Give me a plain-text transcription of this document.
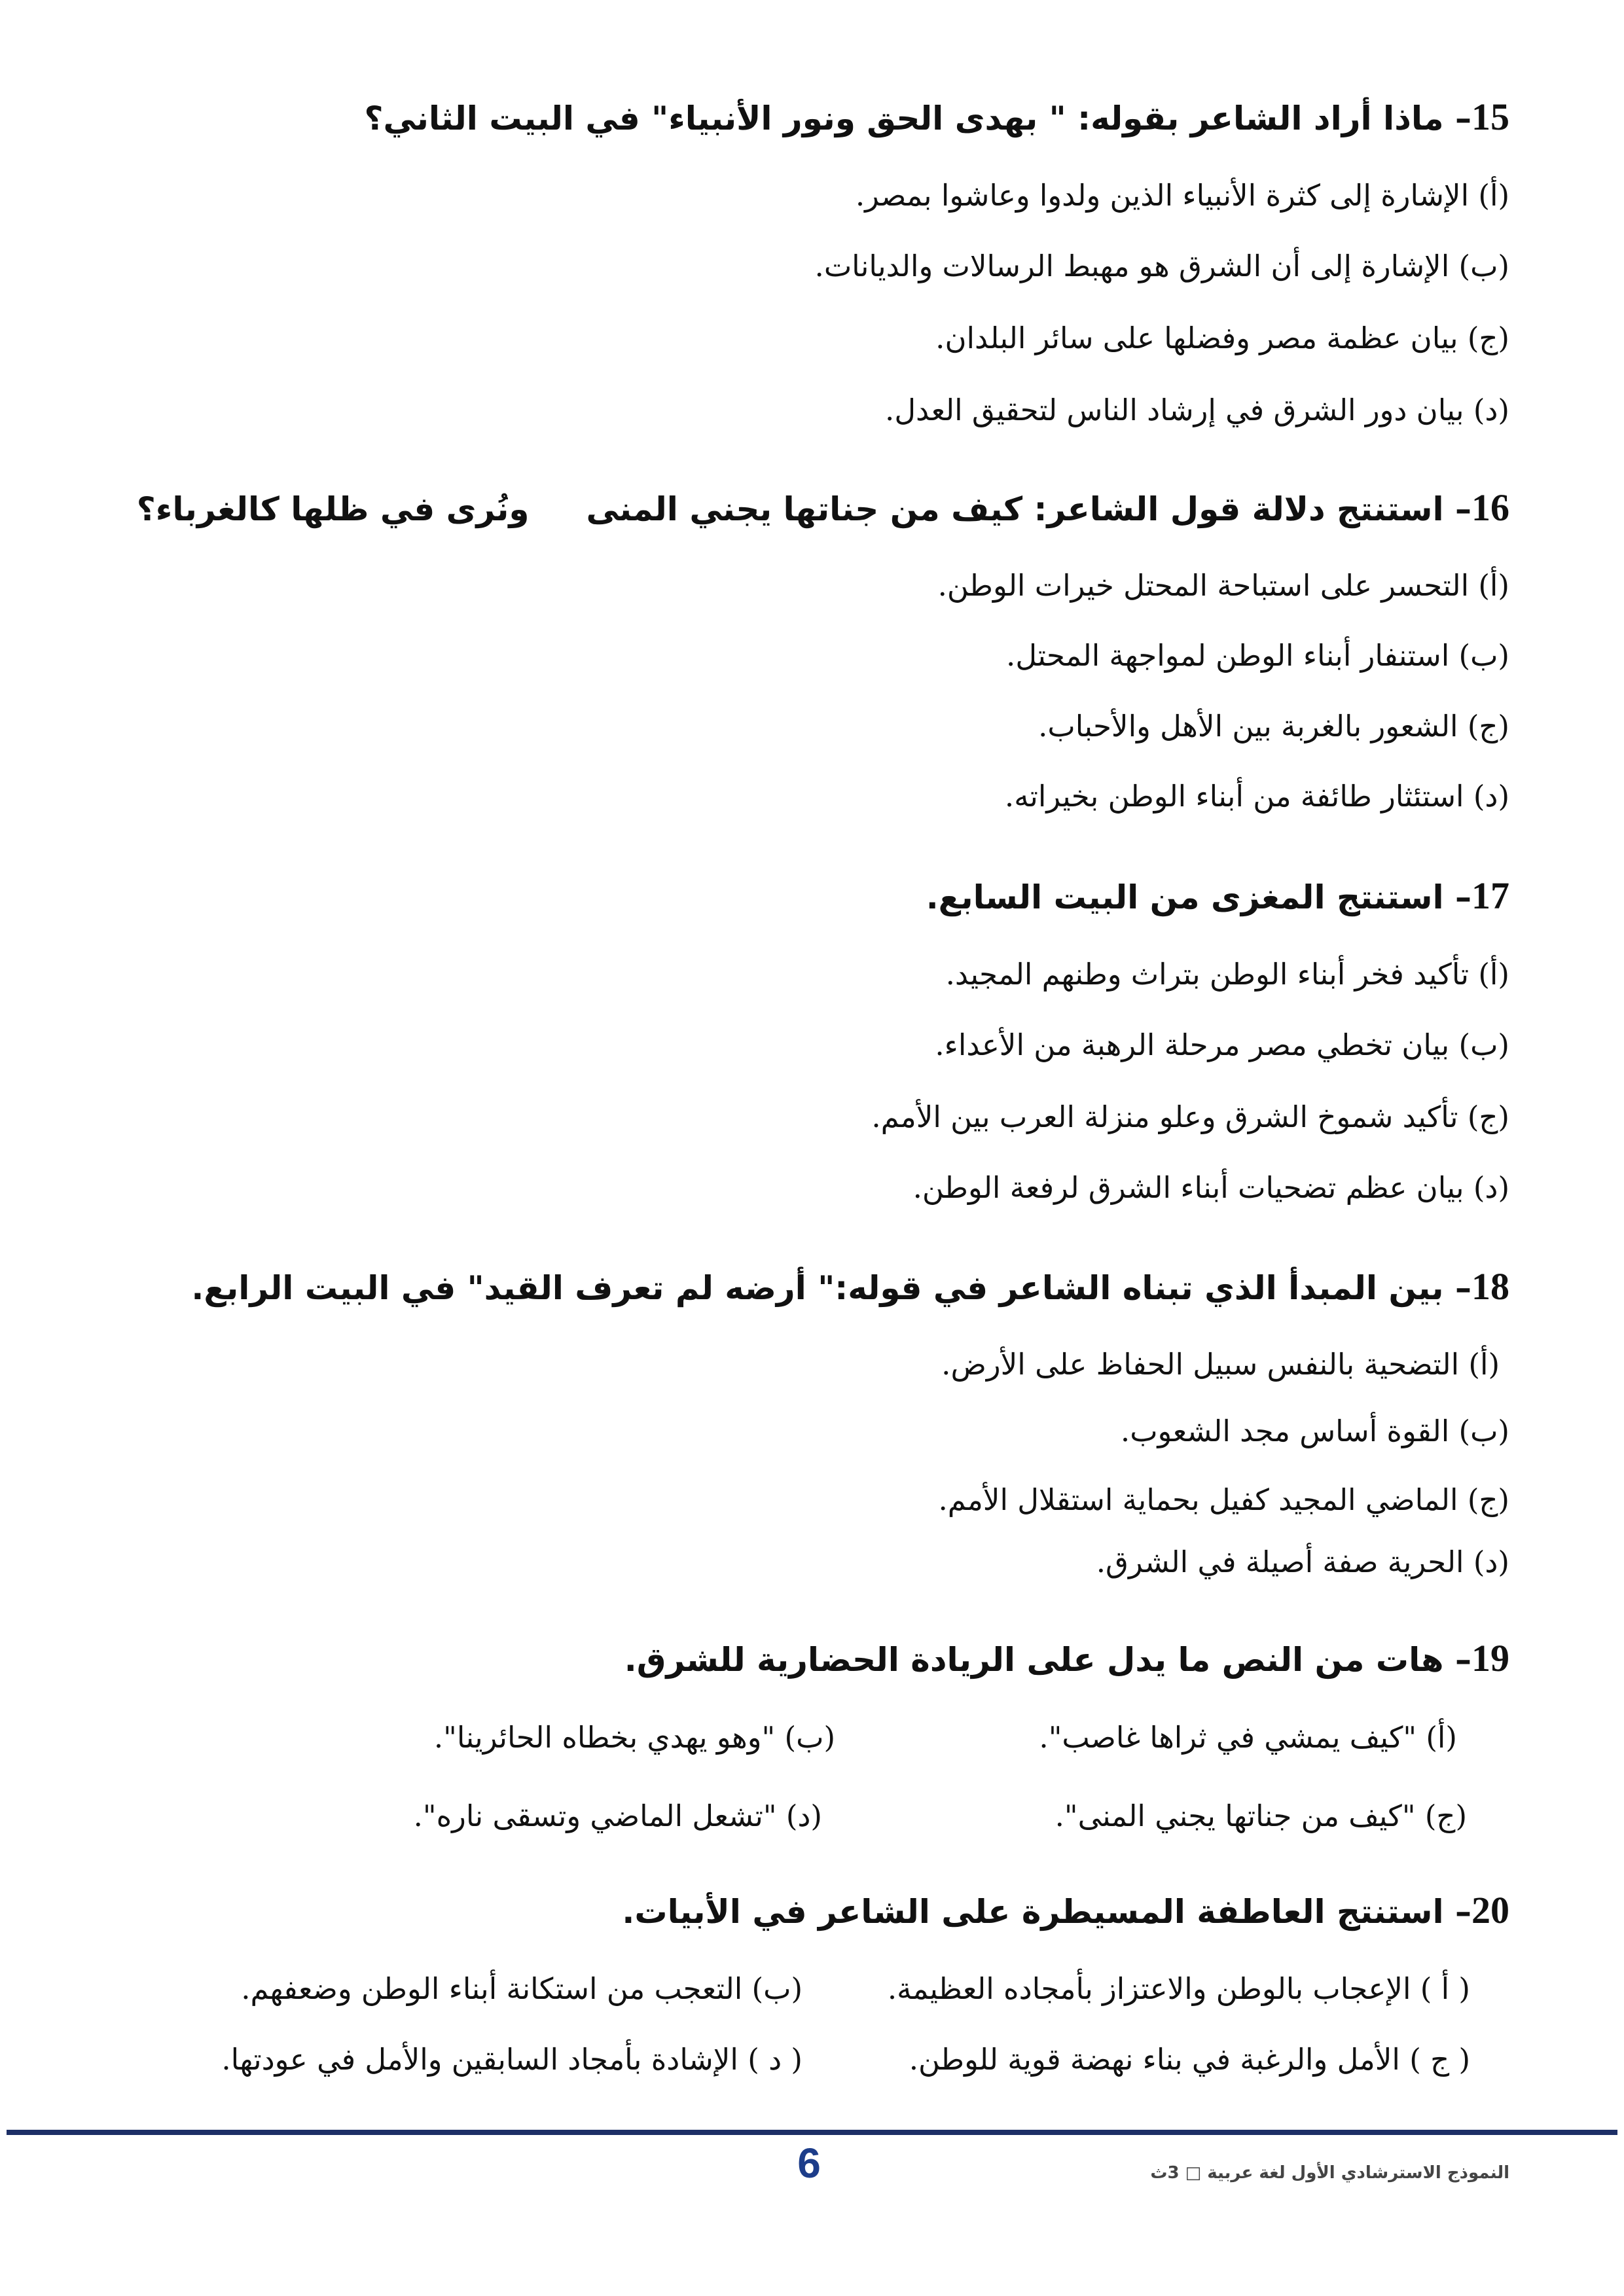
15– ماذا أراد الشاعر بقوله: " بهدى الحق ونور الأنبياء" في البيت الثاني؟
(أ) الإشارة إلى كثرة الأنبياء الذين ولدوا وعاشوا بمصر.
(ب) الإشارة إلى أن الشرق هو مهبط الرسالات والديانات.
(ج) بيان عظمة مصر وفضلها على سائر البلدان.
(د) بيان دور الشرق في إرشاد الناس لتحقيق العدل.
16– استنتج دلالة قول الشاعر: كيف من جناتها يجني المنى     ونُرى في ظلها كالغرباء؟
(أ) التحسر على استباحة المحتل خيرات الوطن.
(ب) استنفار أبناء الوطن لمواجهة المحتل.
(ج) الشعور بالغربة بين الأهل والأحباب.
(د) استئثار طائفة من أبناء الوطن بخيراته.
17– استنتج المغزى من البيت السابع.
(أ) تأكيد فخر أبناء الوطن بتراث وطنهم المجيد.
(ب) بيان تخطي مصر مرحلة الرهبة من الأعداء.
(ج) تأكيد شموخ الشرق وعلو منزلة العرب بين الأمم.
(د) بيان عظم تضحيات أبناء الشرق لرفعة الوطن.
18– بين المبدأ الذي تبناه الشاعر في قوله:" أرضه لم تعرف القيد" في البيت الرابع.
(أ) التضحية بالنفس سبيل الحفاظ على الأرض.
(ب) القوة أساس مجد الشعوب.
(ج) الماضي المجيد كفيل بحماية استقلال الأمم.
(د) الحرية صفة أصيلة في الشرق.
19– هات من النص ما يدل على الريادة الحضارية للشرق.
(أ) "كيف يمشي في ثراها غاصب".
(ب) "وهو يهدي بخطاه الحائرينا".
(ج) "كيف من جناتها يجني المنى".
(د) "تشعل الماضي وتسقى ناره".
20– استنتج العاطفة المسيطرة على الشاعر في الأبيات.
( أ ) الإعجاب بالوطن والاعتزاز بأمجاده العظيمة.
(ب) التعجب من استكانة أبناء الوطن وضعفهم.
( ج ) الأمل والرغبة في بناء نهضة قوية للوطن.
( د ) الإشادة بأمجاد السابقين والأمل في عودتها.
6	النموذج الاسترشادي الأول لغة عربية □ 3ث
